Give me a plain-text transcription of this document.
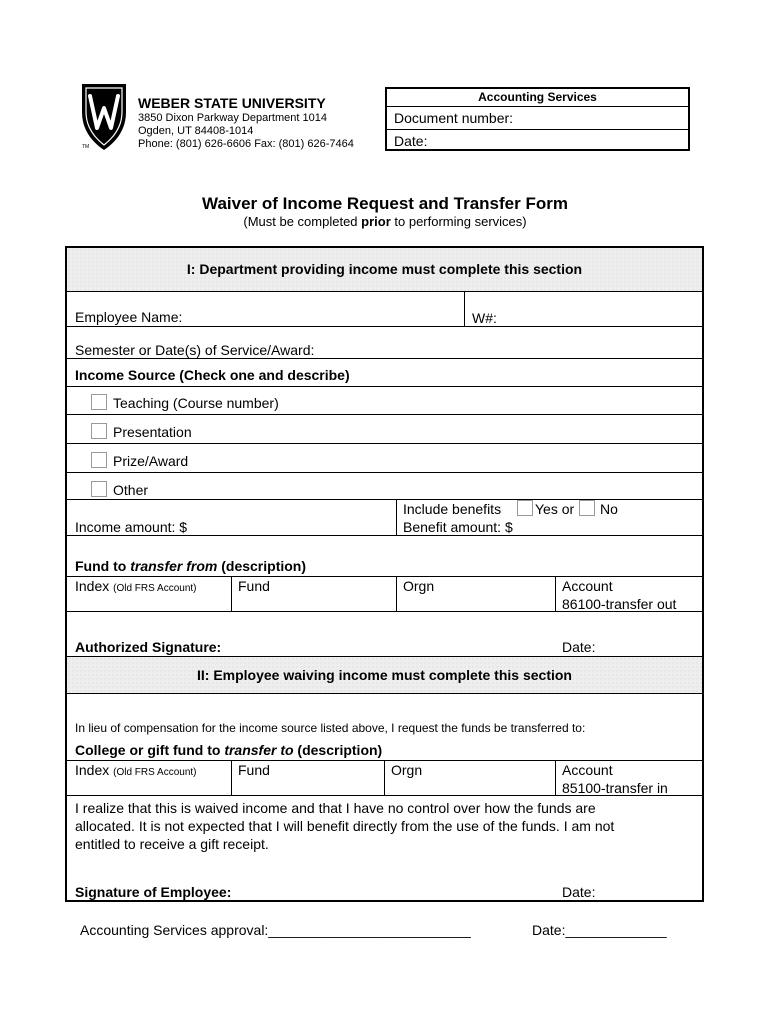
TM
W
WEBER STATE UNIVERSITY
3850 Dixon Parkway Department 1014
Ogden, UT 84408-1014
Phone: (801) 626-6606 Fax: (801) 626-7464
Accounting Services
Document number:
Date:
Waiver of Income Request and Transfer Form
(Must be completed prior to performing services)
I: Department providing income must complete this section
Employee Name:	W#:
Semester or Date(s) of Service/Award:
Income Source (Check one and describe)
Teaching (Course number)
Presentation
Prize/Award
Other
Income amount: $
Include benefits Yes or No
Benefit amount: $
Fund to transfer from (description)
Index (Old FRS Account)	Fund	Orgn	Account
86100-transfer out
Authorized Signature:	Date:
II: Employee waiving income must complete this section
In lieu of compensation for the income source listed above, I request the funds be transferred to:
College or gift fund to transfer to (description)
Index (Old FRS Account)	Fund	Orgn	Account
85100-transfer in
I realize that this is waived income and that I have no control over how the funds are
allocated. It is not expected that I will benefit directly from the use of the funds. I am not
entitled to receive a gift receipt.
Signature of Employee:	Date:
Accounting Services approval:__________________________	Date:_____________
